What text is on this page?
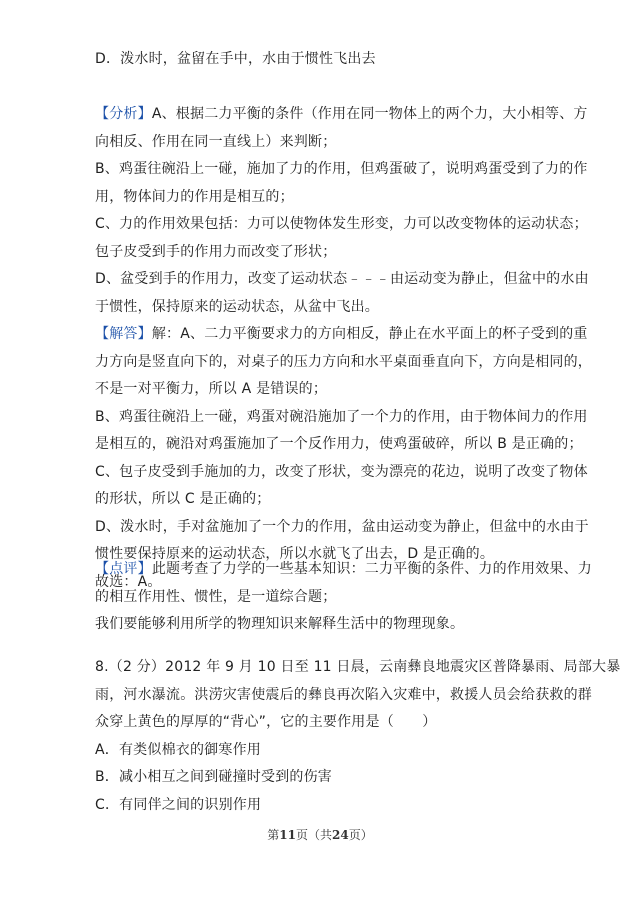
D．泼水时，盆留在手中，水由于惯性飞出去
【分析】A、根据二力平衡的条件（作用在同一物体上的两个力，大小相等、方
向相反、作用在同一直线上）来判断；
B、鸡蛋往碗沿上一碰，施加了力的作用，但鸡蛋破了，说明鸡蛋受到了力的作
用，物体间力的作用是相互的；
C、力的作用效果包括：力可以使物体发生形变，力可以改变物体的运动状态；
包子皮受到手的作用力而改变了形状；
D、盆受到手的作用力，改变了运动状态﹣﹣﹣由运动变为静止，但盆中的水由
于惯性，保持原来的运动状态，从盆中飞出。
【解答】解：A、二力平衡要求力的方向相反，静止在水平面上的杯子受到的重
力方向是竖直向下的，对桌子的压力方向和水平桌面垂直向下，方向是相同的，
不是一对平衡力，所以 A 是错误的；
B、鸡蛋往碗沿上一碰，鸡蛋对碗沿施加了一个力的作用，由于物体间力的作用
是相互的，碗沿对鸡蛋施加了一个反作用力，使鸡蛋破碎，所以 B 是正确的；
C、包子皮受到手施加的力，改变了形状，变为漂亮的花边，说明了改变了物体
的形状，所以 C 是正确的；
D、泼水时，手对盆施加了一个力的作用，盆由运动变为静止，但盆中的水由于
惯性要保持原来的运动状态，所以水就飞了出去，D 是正确的。
故选：A。
【点评】此题考查了力学的一些基本知识：二力平衡的条件、力的作用效果、力
的相互作用性、惯性，是一道综合题；
我们要能够利用所学的物理知识来解释生活中的物理现象。
8.（2 分）2012 年 9 月 10 日至 11 日晨，云南彝良地震灾区普降暴雨、局部大暴
雨，河水瀑流。洪涝灾害使震后的彝良再次陷入灾难中，救援人员会给获救的群
众穿上黄色的厚厚的“背心”，它的主要作用是（　　）
A．有类似棉衣的御寒作用
B．减小相互之间到碰撞时受到的伤害
C．有同伴之间的识别作用
第11页（共24页）
